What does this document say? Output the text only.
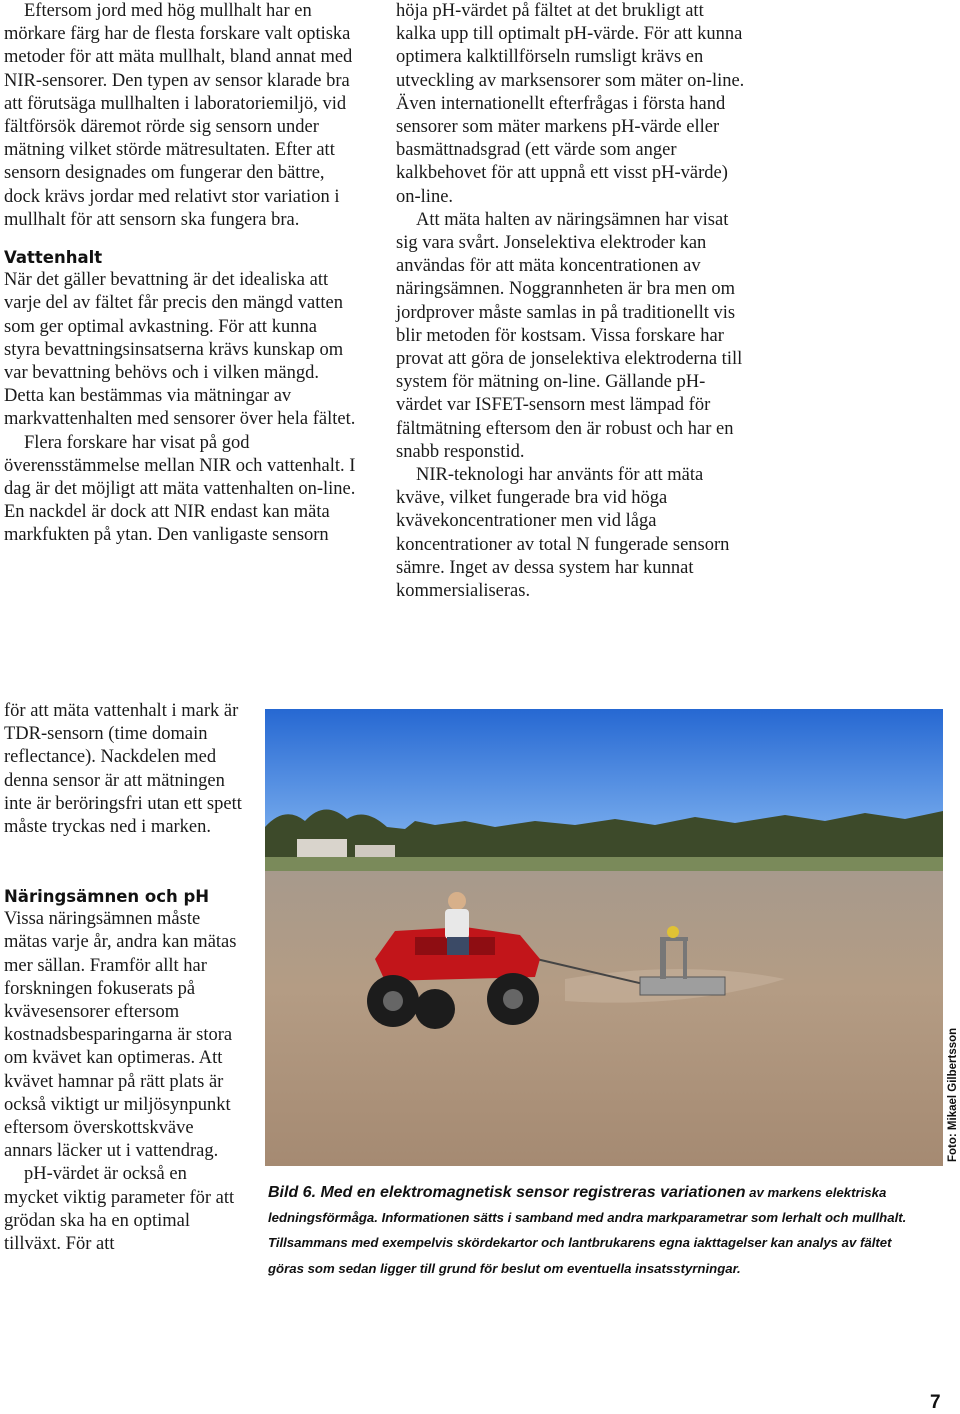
Eftersom jord med hög mullhalt har en mörkare färg har de flesta forskare valt optiska metoder för att mäta mullhalt, bland annat med NIR-sensorer. Den typen av sensor klarade bra att förutsäga mullhalten i laboratoriemiljö, vid fältförsök däremot rörde sig sensorn under mätning vilket störde mätresultaten. Efter att sensorn designades om fungerar den bättre, dock krävs jordar med relativt stor variation i mullhalt för att sensorn ska fungera bra.

Vattenhalt

När det gäller bevattning är det idealiska att varje del av fältet får precis den mängd vatten som ger optimal avkastning. För att kunna styra bevattningsinsatserna krävs kunskap om var bevattning behövs och i vilken mängd. Detta kan bestämmas via mätningar av markvattenhalten med sensorer över hela fältet.

Flera forskare har visat på god överensstämmelse mellan NIR och vattenhalt. I dag är det möjligt att mäta vattenhalten on-line. En nackdel är dock att NIR endast kan mäta markfukten på ytan. Den vanligaste sensorn

för att mäta vattenhalt i mark är TDR-sensorn (time domain reflectance). Nackdelen med denna sensor är att mätningen inte är beröringsfri utan ett spett måste tryckas ned i marken.

Näringsämnen och pH

Vissa näringsämnen måste mätas varje år, andra kan mätas mer sällan. Framför allt har forskningen fokuserats på kvävesensorer eftersom kostnadsbesparingarna är stora om kvävet kan optimeras. Att kvävet hamnar på rätt plats är också viktigt ur miljösynpunkt eftersom överskottskväve annars läcker ut i vattendrag.

pH-värdet är också en mycket viktig parameter för att grödan ska ha en optimal tillväxt. För att

höja pH-värdet på fältet at det brukligt att kalka upp till optimalt pH-värde. För att kunna optimera kalktillförseln rumsligt krävs en utveckling av marksensorer som mäter on-line. Även internationellt efterfrågas i första hand sensorer som mäter markens pH-värde eller basmättnadsgrad (ett värde som anger kalkbehovet för att uppnå ett visst pH-värde) on-line.

Att mäta halten av näringsämnen har visat sig vara svårt. Jonselektiva elektroder kan användas för att mäta koncentrationen av näringsämnen. Noggrannheten är bra men om jordprover måste samlas in på traditionellt vis blir metoden för kostsam. Vissa forskare har provat att göra de jonselektiva elektroderna till system för mätning on-line. Gällande pH-värdet var ISFET-sensorn mest lämpad för fältmätning eftersom den är robust och har en snabb responstid.

NIR-teknologi har använts för att mäta kväve, vilket fungerade bra vid höga kvävekoncentrationer men vid låga koncentrationer av total N fungerade sensorn sämre. Inget av dessa system har kunnat kommersialiseras.

Foto: Mikael Gilbertsson
Bild 6. Med en elektromagnetisk sensor registreras variationen av markens elektriska ledningsförmåga. Informationen sätts i samband med andra markparametrar som lerhalt och mullhalt. Tillsammans med exempelvis skördekartor och lantbrukarens egna iakttagelser kan analys av fältet göras som sedan ligger till grund för beslut om eventuella insatsstyrningar.
7
